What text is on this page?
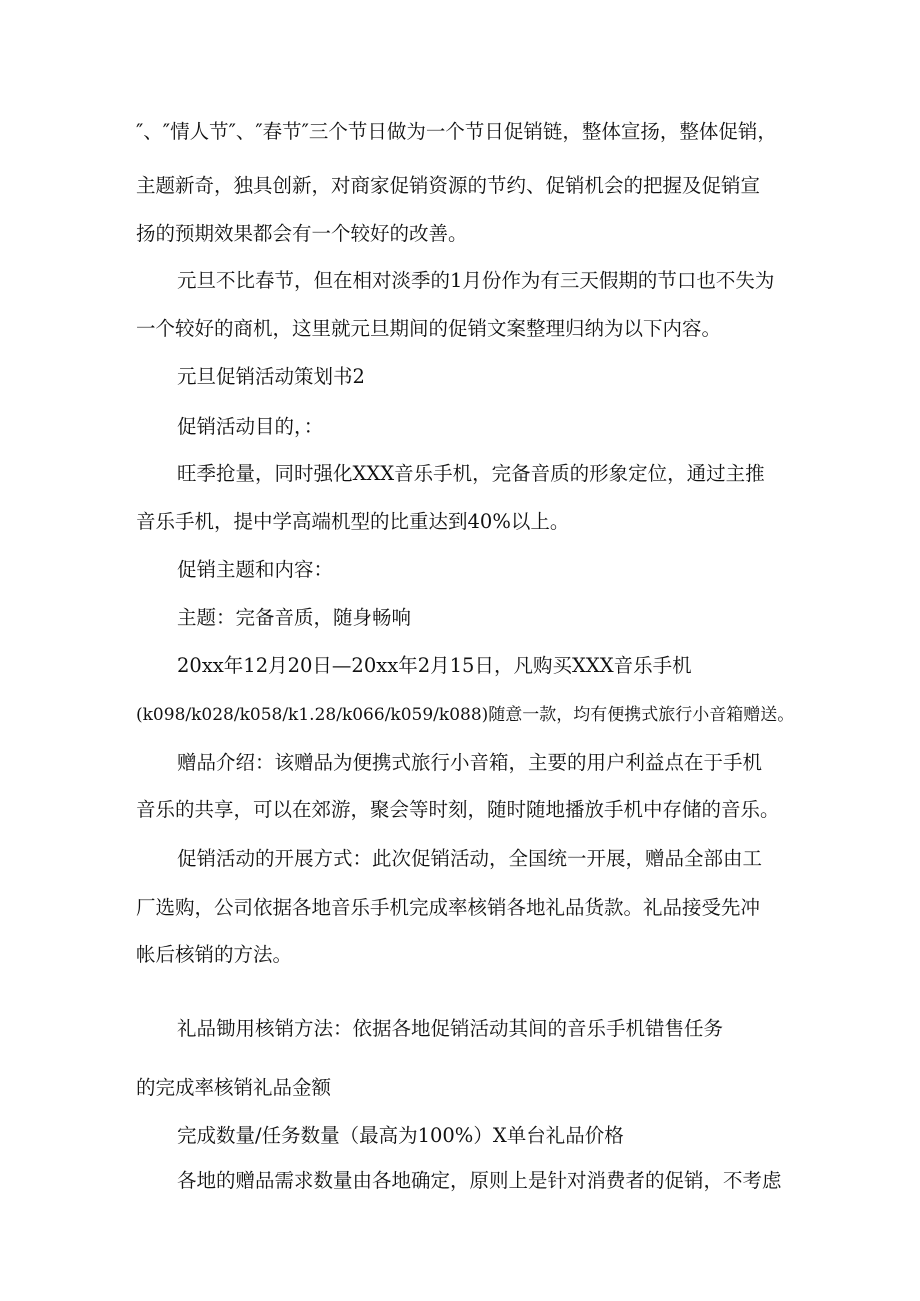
″、″情人节″、″春节″三个节日做为一个节日促销链，整体宣扬，整体促销，
主题新奇，独具创新，对商家促销资源的节约、促销机会的把握及促销宣
扬的预期效果都会有一个较好的改善。
元旦不比春节，但在相对淡季的1月份作为有三天假期的节口也不失为
一个较好的商机，这里就元旦期间的促销文案整理归纳为以下内容。
元旦促销活动策划书2
促销活动目的，：
旺季抢量，同时强化XXX音乐手机，完备音质的形象定位，通过主推
音乐手机，提中学高端机型的比重达到40%以上。
促销主题和内容：
主题：完备音质，随身畅响
20xx年12月20日—20xx年2月15日，凡购买XXX音乐手机
(k098/k028/k058/k1.28/k066/k059/k088)随意一款，均有便携式旅行小音箱赠送。
赠品介绍：该赠品为便携式旅行小音箱，主要的用户利益点在于手机
音乐的共享，可以在郊游，聚会等时刻，随时随地播放手机中存储的音乐。
促销活动的开展方式：此次促销活动，全国统一开展，赠品全部由工
厂选购，公司依据各地音乐手机完成率核销各地礼品货款。礼品接受先冲
帐后核销的方法。
礼品锄用核销方法：依据各地促销活动其间的音乐手机错售任务
的完成率核销礼品金额
完成数量/任务数量（最高为100%）X单台礼品价格
各地的赠品需求数量由各地确定，原则上是针对消费者的促销，不考虑
